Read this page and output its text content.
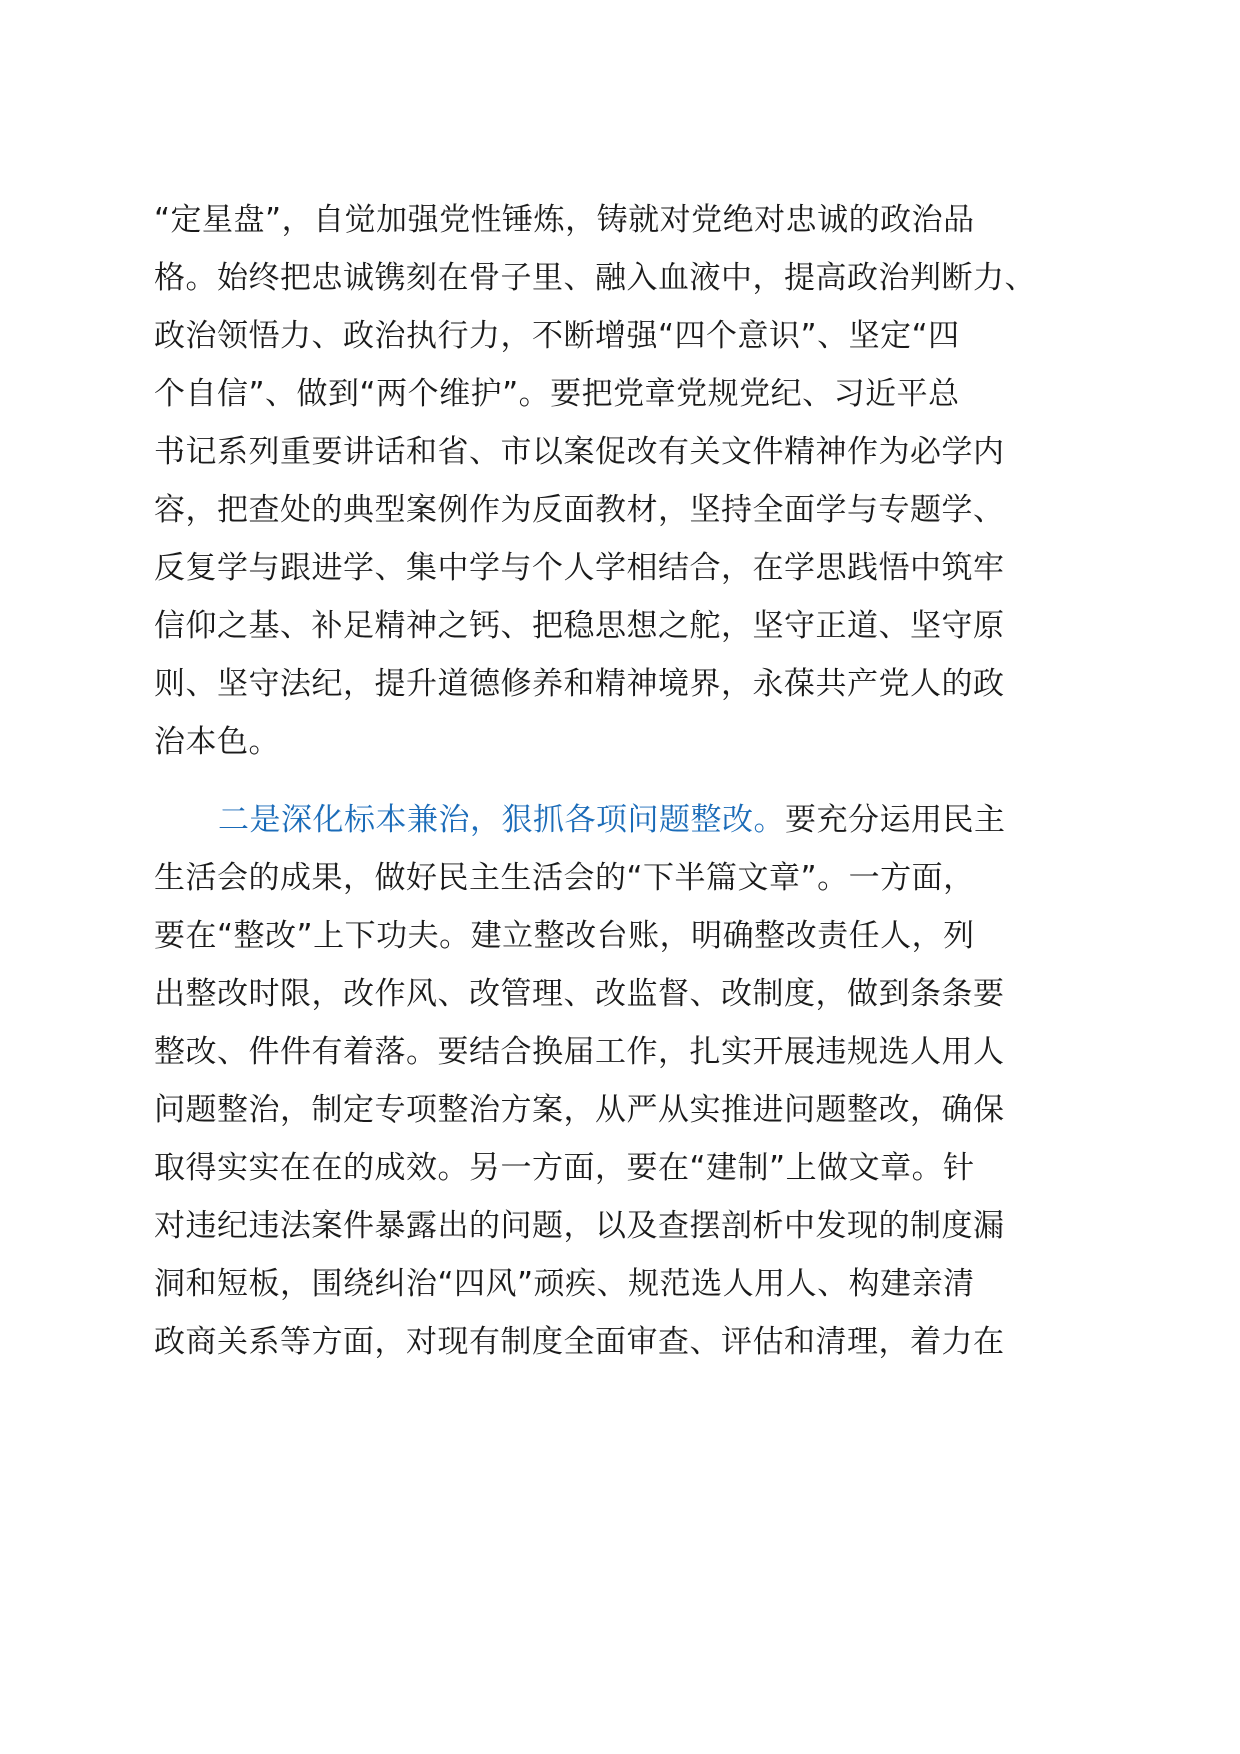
“定星盘”，自觉加强党性锤炼，铸就对党绝对忠诚的政治品
格。始终把忠诚镌刻在骨子里、融入血液中，提高政治判断力、
政治领悟力、政治执行力，不断增强“四个意识”、坚定“四
个自信”、做到“两个维护”。要把党章党规党纪、习近平总
书记系列重要讲话和省、市以案促改有关文件精神作为必学内
容，把查处的典型案例作为反面教材，坚持全面学与专题学、
反复学与跟进学、集中学与个人学相结合，在学思践悟中筑牢
信仰之基、补足精神之钙、把稳思想之舵，坚守正道、坚守原
则、坚守法纪，提升道德修养和精神境界，永葆共产党人的政
治本色。
二是深化标本兼治，狠抓各项问题整改。要充分运用民主
生活会的成果，做好民主生活会的“下半篇文章”。一方面，
要在“整改”上下功夫。建立整改台账，明确整改责任人，列
出整改时限，改作风、改管理、改监督、改制度，做到条条要
整改、件件有着落。要结合换届工作，扎实开展违规选人用人
问题整治，制定专项整治方案，从严从实推进问题整改，确保
取得实实在在的成效。另一方面，要在“建制”上做文章。针
对违纪违法案件暴露出的问题，以及查摆剖析中发现的制度漏
洞和短板，围绕纠治“四风”顽疾、规范选人用人、构建亲清
政商关系等方面，对现有制度全面审查、评估和清理，着力在
